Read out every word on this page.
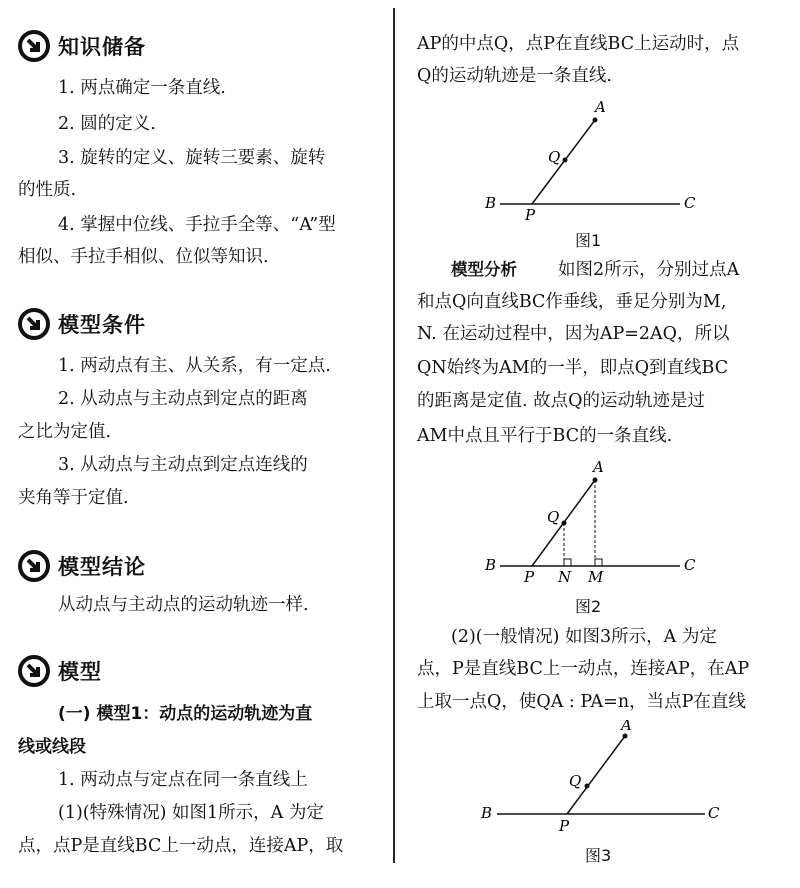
知识储备
1. 两点确定一条直线.
2. 圆的定义.
3. 旋转的定义、旋转三要素、旋转
的性质.
4. 掌握中位线、手拉手全等、“A”型
相似、手拉手相似、位似等知识.
模型条件
1. 两动点有主、从关系，有一定点.
2. 从动点与主动点到定点的距离
之比为定值.
3. 从动点与主动点到定点连线的
夹角等于定值.
模型结论
从动点与主动点的运动轨迹一样.
模型
(一) 模型1：动点的运动轨迹为直
线或线段
1. 两动点与定点在同一条直线上
(1)(特殊情况) 如图1所示，A 为定
点，点P是直线BC上一动点，连接AP，取
AP的中点Q，点P在直线BC上运动时，点
Q的运动轨迹是一条直线.
A
Q
B
P
C
图1
模型分析 如图2所示，分别过点A
和点Q向直线BC作垂线，垂足分别为M,
N. 在运动过程中，因为AP=2AQ，所以
QN始终为AM的一半，即点Q到直线BC
的距离是定值. 故点Q的运动轨迹是过
AM中点且平行于BC的一条直线.
A
Q
B
P N M
C
图2
(2)(一般情况) 如图3所示，A 为定
点，P是直线BC上一动点，连接AP，在AP
上取一点Q，使QA : PA=n，当点P在直线
A
Q
B
P
C
图3
